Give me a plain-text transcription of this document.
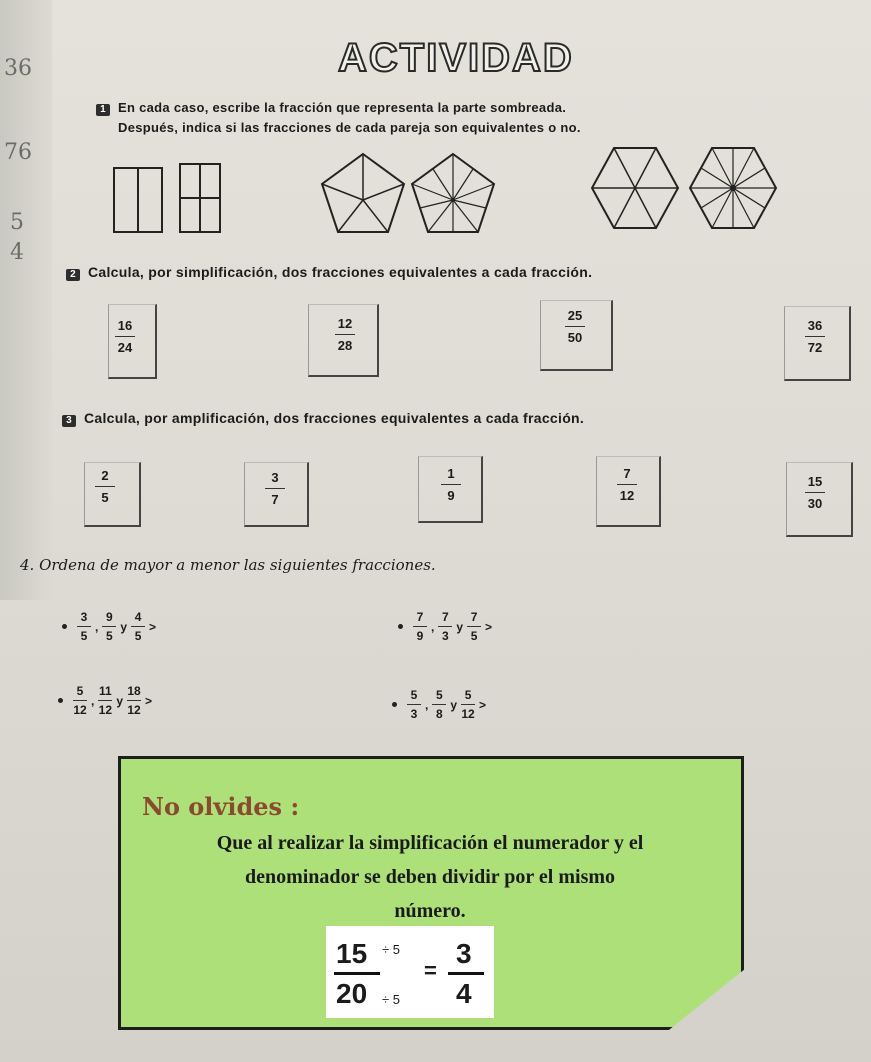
36
76
5
4
ACTIVIDAD
1 En cada caso, escribe la fracción que representa la parte sombreada.
Después, indica si las fracciones de cada pareja son equivalentes o no.
2 Calcula, por simplificación, dos fracciones equivalentes a cada fracción.
16
24
12
28
25
50
36
72
3 Calcula, por amplificación, dos fracciones equivalentes a cada fracción.
2
5
3
7
1
9
7
12
15
30
4. Ordena de mayor a menor las siguientes fracciones.
3
5
,
9
5
y
4
5
>
7
9
,
7
3
y
7
5
>
5
12
,
11
12
y
18
12
>	5
3
,
5
8
y
5
12
>
No olvides :
Que al realizar la simplificación el numerador y el
denominador se deben dividir por el mismo
número.
15 ÷ 5
20 ÷ 5
=
3
4
